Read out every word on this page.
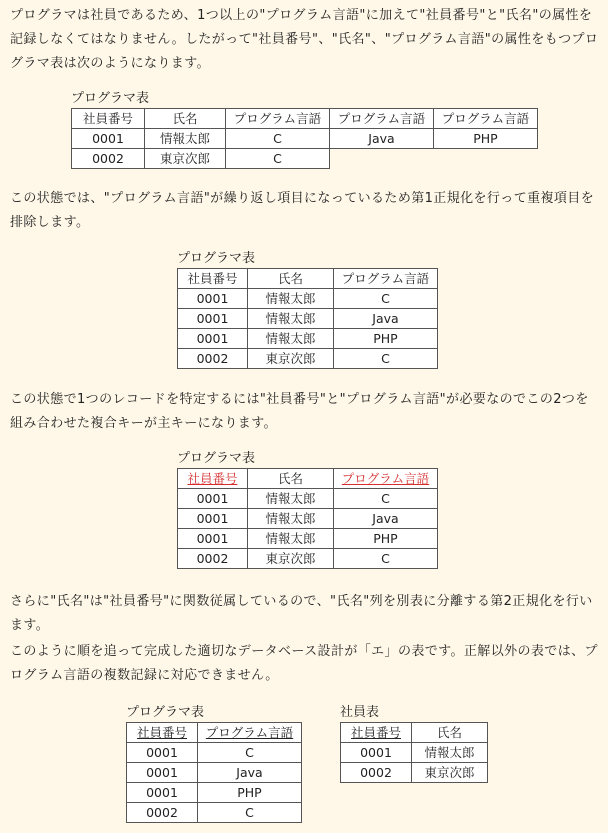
プログラマは社員であるため、1つ以上の"プログラム言語"に加えて"社員番号"と"氏名"の属性を記録しなくてはなりません。したがって"社員番号"、"氏名"、"プログラム言語"の属性をもつプログラマ表は次のようになります。
プログラマ表
社員番号	氏名	プログラム言語	プログラム言語	プログラム言語
0001	情報太郎	C	Java	PHP
0002	東京次郎	C		
この状態では、"プログラム言語"が繰り返し項目になっているため第1正規化を行って重複項目を排除します。
プログラマ表
社員番号	氏名	プログラム言語
0001	情報太郎	C
0001	情報太郎	Java
0001	情報太郎	PHP
0002	東京次郎	C
この状態で1つのレコードを特定するには"社員番号"と"プログラム言語"が必要なのでこの2つを組み合わせた複合キーが主キーになります。
プログラマ表
社員番号	氏名	プログラム言語
0001	情報太郎	C
0001	情報太郎	Java
0001	情報太郎	PHP
0002	東京次郎	C
さらに"氏名"は"社員番号"に関数従属しているので、"氏名"列を別表に分離する第2正規化を行います。
このように順を追って完成した適切なデータベース設計が「エ」の表です。正解以外の表では、プログラム言語の複数記録に対応できません。
プログラマ表
社員番号	プログラム言語
0001	C
0001	Java
0001	PHP
0002	C
社員表
社員番号	氏名
0001	情報太郎
0002	東京次郎
